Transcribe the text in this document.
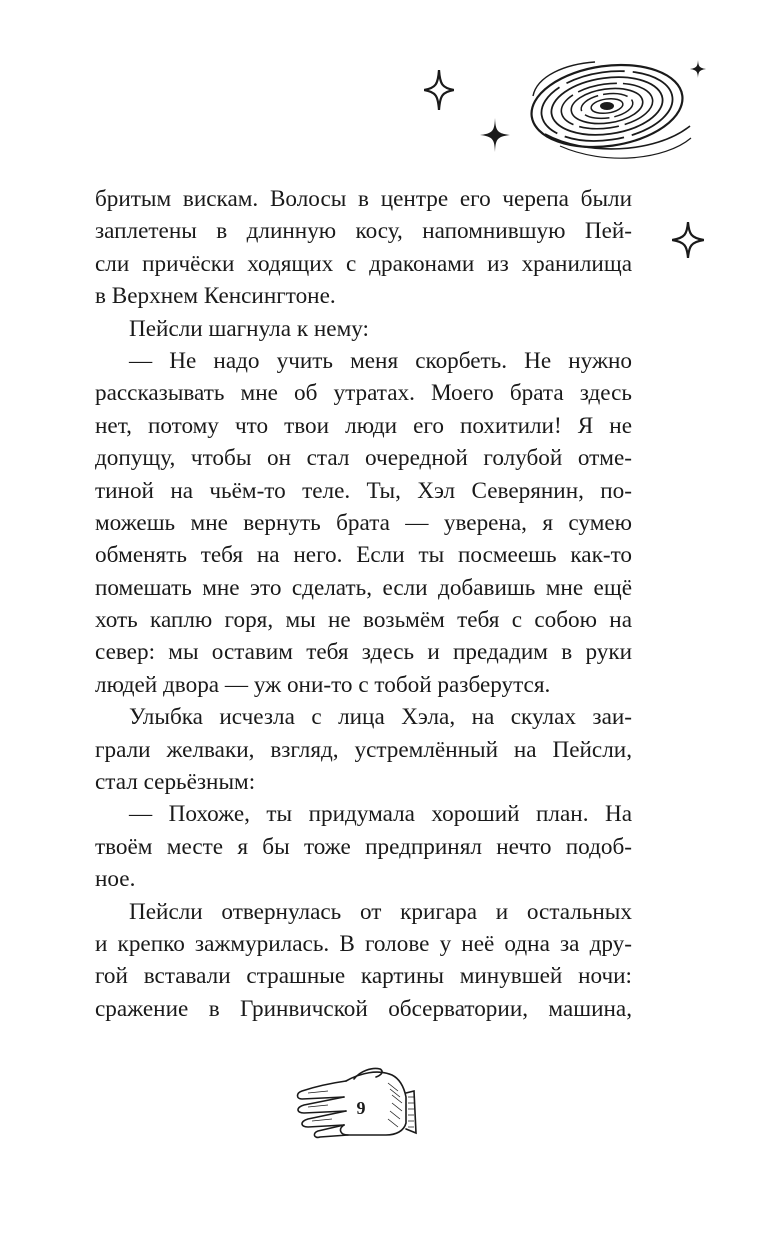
бритым вискам. Волосы в центре его черепа были
заплетены в длинную косу, напомнившую Пей-
сли причёски ходящих с драконами из хранилища
в Верхнем Кенсингтоне.
Пейсли шагнула к нему:
— Не надо учить меня скорбеть. Не нужно
рассказывать мне об утратах. Моего брата здесь
нет, потому что твои люди его похитили! Я не
допущу, чтобы он стал очередной голубой отме-
тиной на чьём-то теле. Ты, Хэл Северянин, по-
можешь мне вернуть брата — уверена, я сумею
обменять тебя на него. Если ты посмеешь как-то
помешать мне это сделать, если добавишь мне ещё
хоть каплю горя, мы не возьмём тебя с собою на
север: мы оставим тебя здесь и предадим в руки
людей двора — уж они-то с тобой разберутся.
Улыбка исчезла с лица Хэла, на скулах заи-
грали желваки, взгляд, устремлённый на Пейсли,
стал серьёзным:
— Похоже, ты придумала хороший план. На
твоём месте я бы тоже предпринял нечто подоб-
ное.
Пейсли отвернулась от кригара и остальных
и крепко зажмурилась. В голове у неё одна за дру-
гой вставали страшные картины минувшей ночи:
сражение в Гринвичской обсерватории, машина,
9
